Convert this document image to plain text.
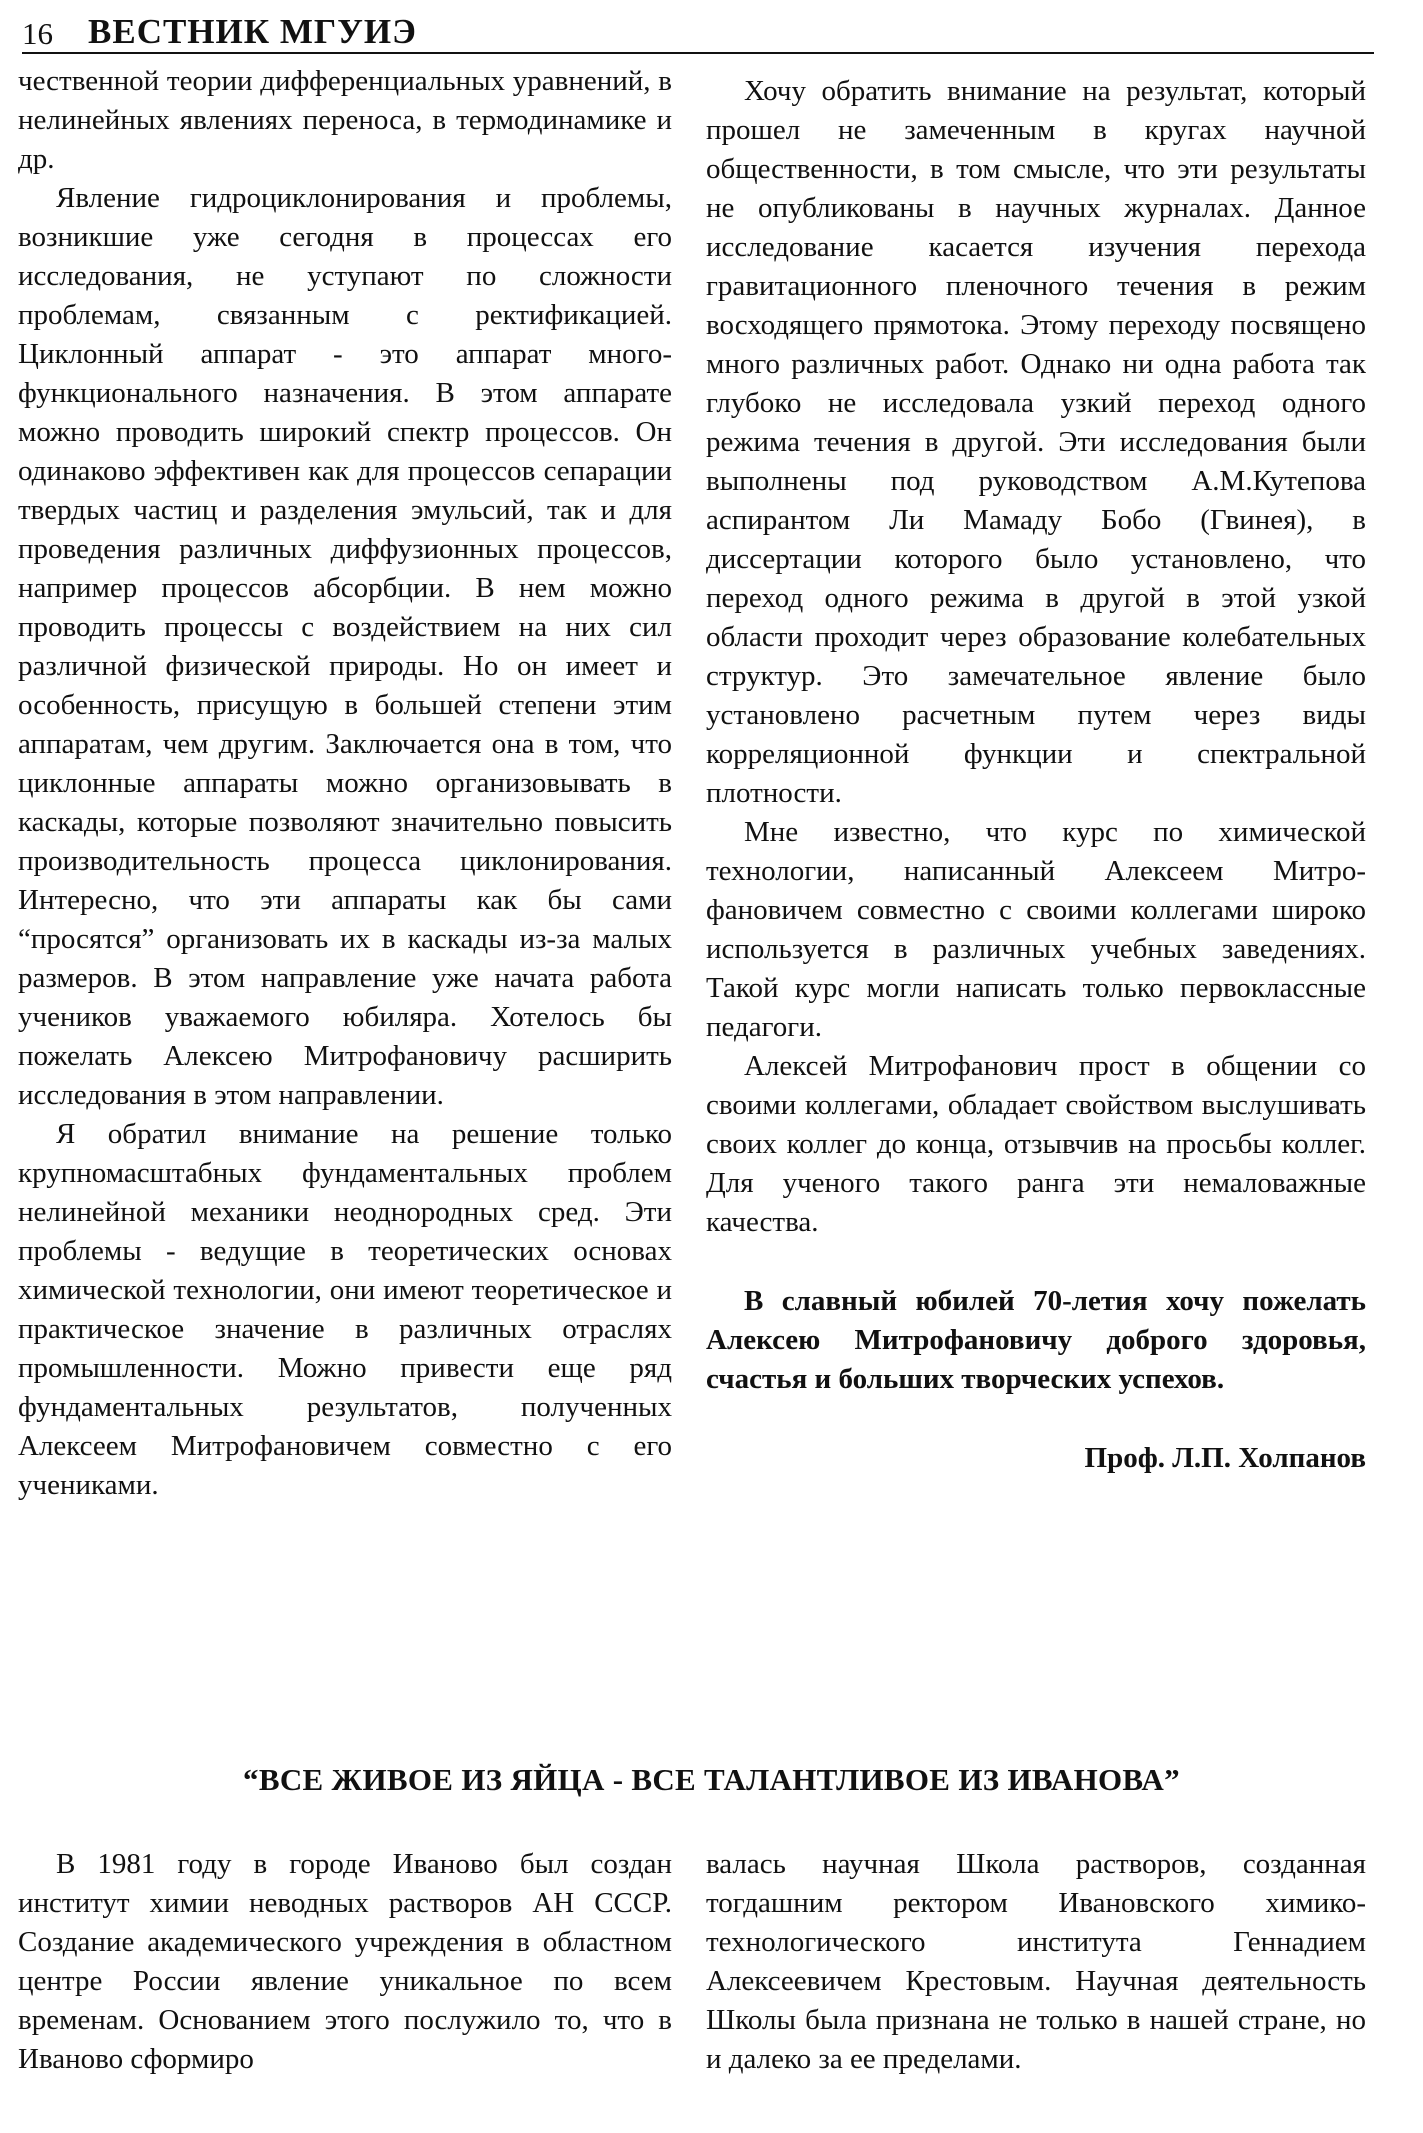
16 ВЕСТНИК МГУИЭ

чественной теории дифференциальных уравнений, в нелинейных явлениях переноса, в термодинамике и др.

Явление гидроциклонирования и проблемы, возникшие уже сегодня в процессах его исследования, не уступают по сложности проблемам, связанным с ректификацией. Циклонный аппарат - это аппарат многофункционального назначения. В этом аппарате можно проводить широкий спектр процессов. Он одинаково эффективен как для процессов сепарации твердых частиц и разделения эмульсий, так и для проведения различных диффузионных процессов, например процессов абсорбции. В нем можно проводить процессы с воздействием на них сил различной физической природы. Но он имеет и особенность, присущую в большей степени этим аппаратам, чем другим. Заключается она в том, что циклонные аппараты можно организовывать в каскады, которые позволяют значительно повысить производительность процесса циклонирования. Интересно, что эти аппараты как бы сами “просятся” организовать их в каскады из-за малых размеров. В этом направление уже начата работа учеников уважаемого юбиляра. Хотелось бы пожелать Алексею Митрофановичу расширить исследования в этом направлении.

Я обратил внимание на решение только крупномасштабных фундаментальных проблем нелинейной механики неоднородных сред. Эти проблемы - ведущие в теоретических основах химической технологии, они имеют теоретическое и практическое значение в различных отраслях промышленности. Можно привести еще ряд фундаментальных результатов, полученных Алексеем Митрофановичем совместно с его учениками.

Хочу обратить внимание на результат, который прошел не замеченным в кругах научной общественности, в том смысле, что эти результаты не опубликованы в научных журналах. Данное исследование касается изучения перехода гравитационного пленочного течения в режим восходящего прямотока. Этому переходу посвящено много различных работ. Однако ни одна работа так глубоко не исследовала узкий переход одного режима течения в другой. Эти исследования были выполнены под руководством А.М.Кутепова аспирантом Ли Мамаду Бобо (Гвинея), в диссертации которого было установлено, что переход одного режима в другой в этой узкой области проходит через образование колебательных структур. Это замечательное явление было установлено расчетным путем через виды корреляционной функции и спектральной плотности.

Мне известно, что курс по химической технологии, написанный Алексеем Митрофановичем совместно с своими коллегами широко используется в различных учебных заведениях. Такой курс могли написать только первоклассные педагоги.

Алексей Митрофанович прост в общении со своими коллегами, обладает свойством выслушивать своих коллег до конца, отзывчив на просьбы коллег. Для ученого такого ранга эти немаловажные качества.

В славный юбилей 70-летия хочу пожелать Алексею Митрофановичу доброго здоровья, счастья и больших творческих успехов.

Проф. Л.П. Холпанов

“ВСЕ ЖИВОЕ ИЗ ЯЙЦА - ВСЕ ТАЛАНТЛИВОЕ ИЗ ИВАНОВА”

В 1981 году в городе Иваново был создан институт химии неводных растворов АН СССР. Создание академического учреждения в областном центре России явление уникальное по всем временам. Основанием этого послужило то, что в Иваново сформиро

валась научная Школа растворов, созданная тогдашним ректором Ивановского химико-технологического института Геннадием Алексеевичем Крестовым. Научная деятельность Школы была признана не только в нашей стране, но и далеко за ее пределами.
